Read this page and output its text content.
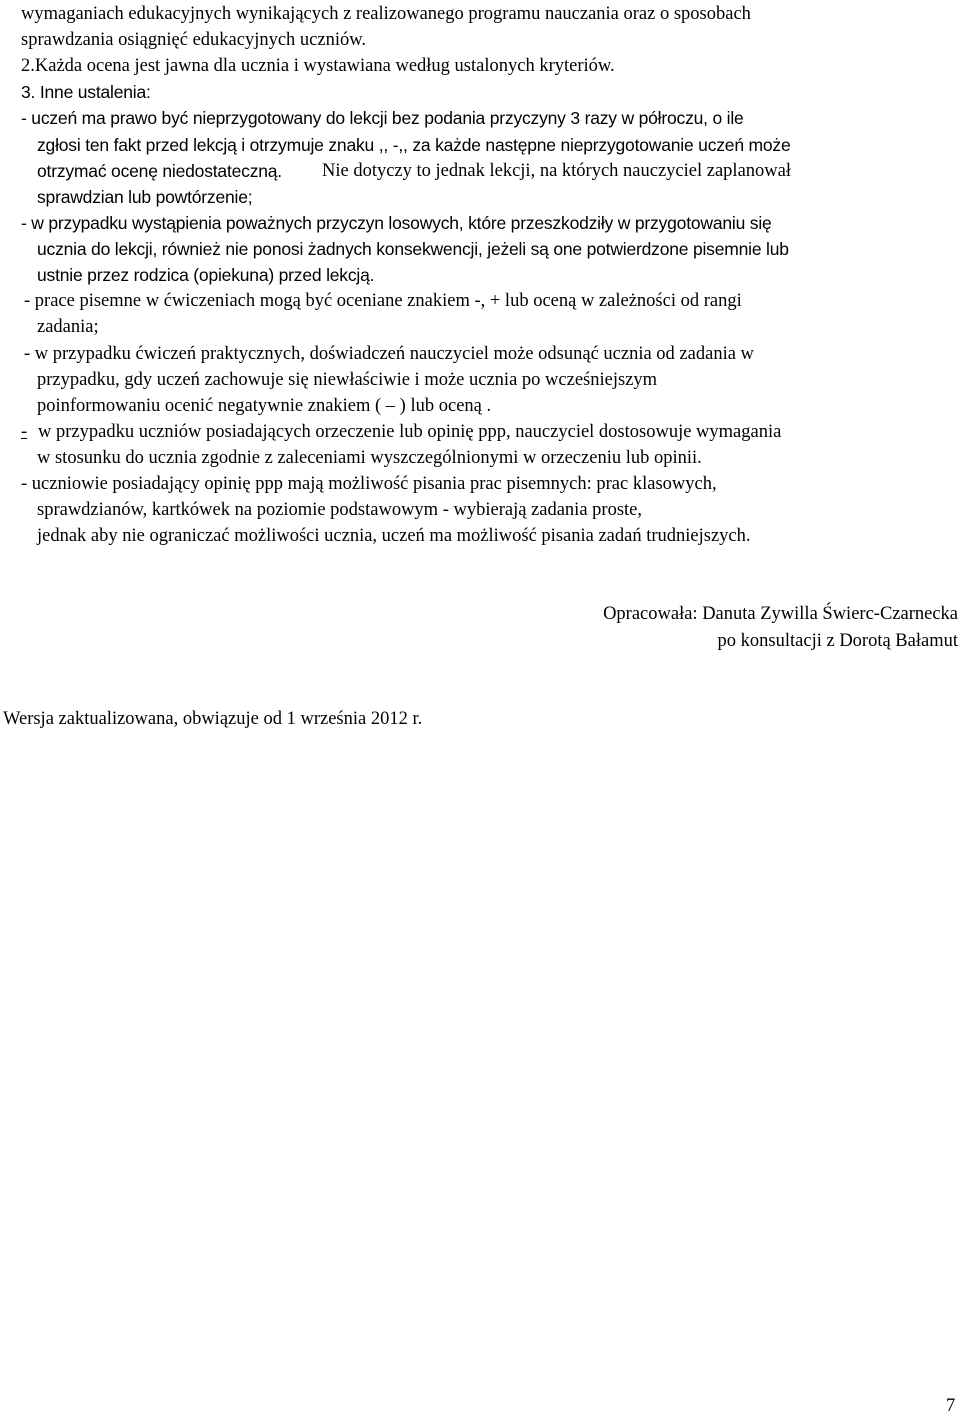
wymaganiach edukacyjnych wynikających z realizowanego programu nauczania oraz o sposobach

sprawdzania osiągnięć edukacyjnych uczniów.

2.Każda ocena jest jawna dla ucznia i wystawiana według ustalonych kryteriów.

3. Inne ustalenia:

- uczeń ma prawo być nieprzygotowany do lekcji bez podania przyczyny 3 razy w półroczu, o ile

zgłosi ten fakt przed lekcją i otrzymuje znaku ,, -,, za każde następne nieprzygotowanie uczeń może

otrzymać ocenę niedostateczną. Nie dotyczy to jednak lekcji, na których nauczyciel zaplanował

sprawdzian lub powtórzenie;

- w przypadku wystąpienia poważnych przyczyn losowych, które przeszkodziły w przygotowaniu się

ucznia do lekcji, również nie ponosi żadnych konsekwencji, jeżeli są one potwierdzone pisemnie lub

ustnie przez rodzica (opiekuna) przed lekcją.

- prace pisemne w ćwiczeniach mogą być oceniane znakiem -, + lub oceną w zależności od rangi

zadania;

- w przypadku ćwiczeń praktycznych, doświadczeń nauczyciel może odsunąć ucznia od zadania w

przypadku, gdy uczeń zachowuje się niewłaściwie i może ucznia po wcześniejszym

poinformowaniu ocenić negatywnie znakiem ( – ) lub oceną .

- w przypadku uczniów posiadających orzeczenie lub opinię ppp, nauczyciel dostosowuje wymagania

w stosunku do ucznia zgodnie z zaleceniami wyszczególnionymi w orzeczeniu lub opinii.

- uczniowie posiadający opinię ppp mają możliwość pisania prac pisemnych: prac klasowych,

sprawdzianów, kartkówek na poziomie podstawowym - wybierają zadania proste,

jednak aby nie ograniczać możliwości ucznia, uczeń ma możliwość pisania zadań trudniejszych.

Opracowała: Danuta Zywilla Świerc-Czarnecka

po konsultacji z Dorotą Bałamut

Wersja zaktualizowana, obwiązuje od 1 września 2012 r.

7
